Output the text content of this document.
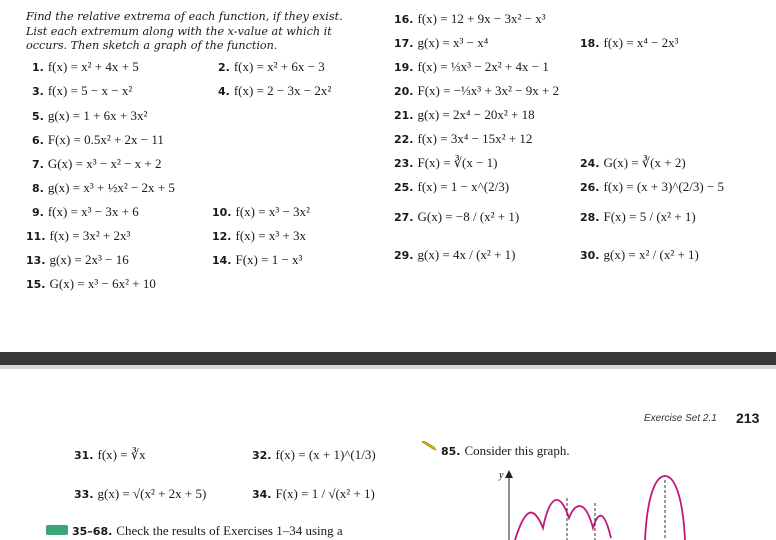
Find the relative extrema of each function, if they exist. List each extremum along with the x-value at which it occurs. Then sketch a graph of the function.
1. f(x) = x² + 4x + 5	2. f(x) = x² + 6x − 3
3. f(x) = 5 − x − x²	4. f(x) = 2 − 3x − 2x²
5. g(x) = 1 + 6x + 3x²
6. F(x) = 0.5x² + 2x − 11
7. G(x) = x³ − x² − x + 2
8. g(x) = x³ + ½x² − 2x + 5
9. f(x) = x³ − 3x + 6	10. f(x) = x³ − 3x²
11. f(x) = 3x² + 2x³	12. f(x) = x³ + 3x
13. g(x) = 2x³ − 16	14. F(x) = 1 − x³
15. G(x) = x³ − 6x² + 10
16. f(x) = 12 + 9x − 3x² − x³
17. g(x) = x³ − x⁴	18. f(x) = x⁴ − 2x³
19. f(x) = ⅓x³ − 2x² + 4x − 1
20. F(x) = −⅓x³ + 3x² − 9x + 2
21. g(x) = 2x⁴ − 20x² + 18
22. f(x) = 3x⁴ − 15x² + 12
23. F(x) = ∛(x − 1)	24. G(x) = ∛(x + 2)
25. f(x) = 1 − x^(2/3)	26. f(x) = (x + 3)^(2/3) − 5
27. G(x) = −8 / (x² + 1)	28. F(x) = 5 / (x² + 1)
29. g(x) = 4x / (x² + 1)	30. g(x) = x² / (x² + 1)
Exercise Set 2.1 213
31. f(x) = ∛x	32. f(x) = (x + 1)^(1/3)
33. g(x) = √(x² + 2x + 5)	34. F(x) = 1 / √(x² + 1)
85. Consider this graph.
35–68. Check the results of Exercises 1–34 using a
y
